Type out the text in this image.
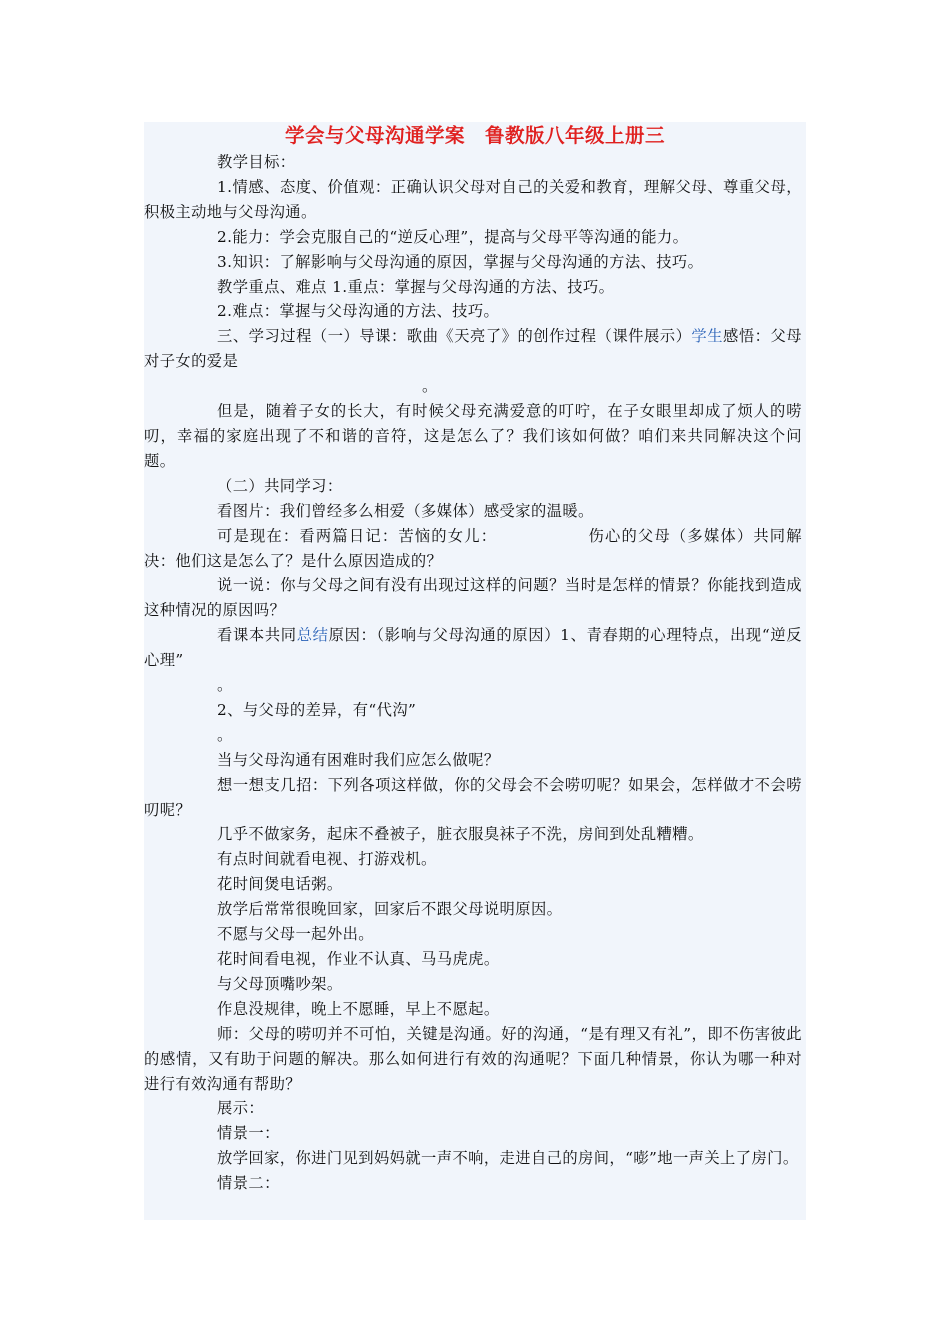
学会与父母沟通学案　鲁教版八年级上册三

教学目标：

1.情感、态度、价值观：正确认识父母对自己的关爱和教育，理解父母、尊重父母，积极主动地与父母沟通。

2.能力：学会克服自己的“逆反心理”，提高与父母平等沟通的能力。

3.知识：了解影响与父母沟通的原因，掌握与父母沟通的方法、技巧。

教学重点、难点 1.重点：掌握与父母沟通的方法、技巧。

2.难点：掌握与父母沟通的方法、技巧。

三、学习过程（一）导课：歌曲《天亮了》的创作过程（课件展示）学生感悟：父母对子女的爱是

。

但是，随着子女的长大，有时候父母充满爱意的叮咛，在子女眼里却成了烦人的唠叨，幸福的家庭出现了不和谐的音符，这是怎么了？我们该如何做？咱们来共同解决这个问题。

（二）共同学习：

看图片：我们曾经多么相爱（多媒体）感受家的温暖。

可是现在：看两篇日记：苦恼的女儿：　　　　　　伤心的父母（多媒体）共同解决：他们这是怎么了？是什么原因造成的？

说一说：你与父母之间有没有出现过这样的问题？当时是怎样的情景？你能找到造成这种情况的原因吗？

看课本共同总结原因：（影响与父母沟通的原因）1、青春期的心理特点，出现“逆反心理”

。

2、与父母的差异，有“代沟”

。

当与父母沟通有困难时我们应怎么做呢？

想一想支几招：下列各项这样做，你的父母会不会唠叨呢？如果会，怎样做才不会唠叨呢？

几乎不做家务，起床不叠被子，脏衣服臭袜子不洗，房间到处乱糟糟。

有点时间就看电视、打游戏机。

花时间煲电话粥。

放学后常常很晚回家，回家后不跟父母说明原因。

不愿与父母一起外出。

花时间看电视，作业不认真、马马虎虎。

与父母顶嘴吵架。

作息没规律，晚上不愿睡，早上不愿起。

师：父母的唠叨并不可怕，关键是沟通。好的沟通，“是有理又有礼”，即不伤害彼此的感情，又有助于问题的解决。那么如何进行有效的沟通呢？下面几种情景，你认为哪一种对进行有效沟通有帮助？

展示：

情景一：

放学回家，你进门见到妈妈就一声不响，走进自己的房间，“嘭”地一声关上了房门。

情景二：
